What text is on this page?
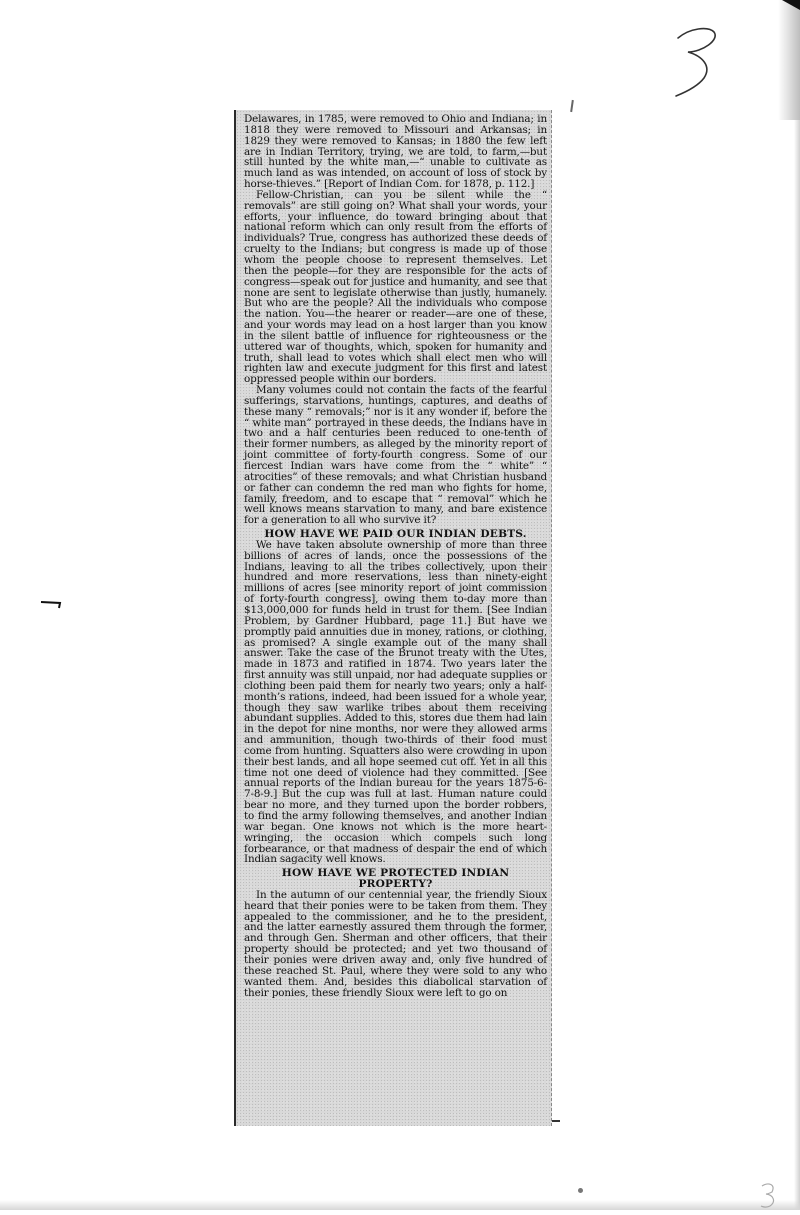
Delawares, in 1785, were removed to Ohio and Indiana; in 1818 they were removed to Missouri and Arkansas; in 1829 they were removed to Kansas; in 1880 the few left are in Indian Territory, trying, we are told, to farm,—but still hunted by the white man,—“ unable to cultivate as much land as was intended, on account of loss of stock by horse-thieves.” [Report of Indian Com. for 1878, p. 112.]

Fellow-Christian, can you be silent while the “ removals” are still going on? What shall your words, your efforts, your influence, do toward bringing about that national reform which can only result from the efforts of individuals? True, congress has authorized these deeds of cruelty to the Indians; but congress is made up of those whom the people choose to represent themselves. Let then the people—for they are responsible for the acts of congress—speak out for justice and humanity, and see that none are sent to legislate otherwise than justly, humanely. But who are the people? All the individuals who compose the nation. You—the hearer or reader—are one of these, and your words may lead on a host larger than you know in the silent battle of influence for righteousness or the uttered war of thoughts, which, spoken for humanity and truth, shall lead to votes which shall elect men who will righten law and execute judgment for this first and latest oppressed people within our borders.

Many volumes could not contain the facts of the fearful sufferings, starvations, huntings, captures, and deaths of these many “ removals;” nor is it any wonder if, before the “ white man” portrayed in these deeds, the Indians have in two and a half centuries been reduced to one-tenth of their former numbers, as alleged by the minority report of joint committee of forty-fourth congress. Some of our fiercest Indian wars have come from the “ white” “ atrocities” of these removals; and what Christian husband or father can condemn the red man who fights for home, family, freedom, and to escape that “ removal” which he well knows means starvation to many, and bare existence for a generation to all who survive it?

HOW HAVE WE PAID OUR INDIAN DEBTS.

We have taken absolute ownership of more than three billions of acres of lands, once the possessions of the Indians, leaving to all the tribes collectively, upon their hundred and more reservations, less than ninety-eight millions of acres [see minority report of joint commission of forty-fourth congress], owing them to-day more than $13,000,000 for funds held in trust for them. [See Indian Problem, by Gardner Hubbard, page 11.] But have we promptly paid annuities due in money, rations, or clothing, as promised? A single example out of the many shall answer. Take the case of the Brunot treaty with the Utes, made in 1873 and ratified in 1874. Two years later the first annuity was still unpaid, nor had adequate supplies or clothing been paid them for nearly two years; only a half-month’s rations, indeed, had been issued for a whole year, though they saw warlike tribes about them receiving abundant supplies. Added to this, stores due them had lain in the depot for nine months, nor were they allowed arms and ammunition, though two-thirds of their food must come from hunting. Squatters also were crowding in upon their best lands, and all hope seemed cut off. Yet in all this time not one deed of violence had they committed. [See annual reports of the Indian bureau for the years 1875-6-7-8-9.] But the cup was full at last. Human nature could bear no more, and they turned upon the border robbers, to find the army following themselves, and another Indian war began. One knows not which is the more heart-wringing, the occasion which compels such long forbearance, or that madness of despair the end of which Indian sagacity well knows.

HOW HAVE WE PROTECTED INDIAN PROPERTY?

In the autumn of our centennial year, the friendly Sioux heard that their ponies were to be taken from them. They appealed to the commissioner, and he to the president, and the latter earnestly assured them through the former, and through Gen. Sherman and other officers, that their property should be protected; and yet two thousand of their ponies were driven away and, only five hundred of these reached St. Paul, where they were sold to any who wanted them. And, besides this diabolical starvation of their ponies, these friendly Sioux were left to go on
